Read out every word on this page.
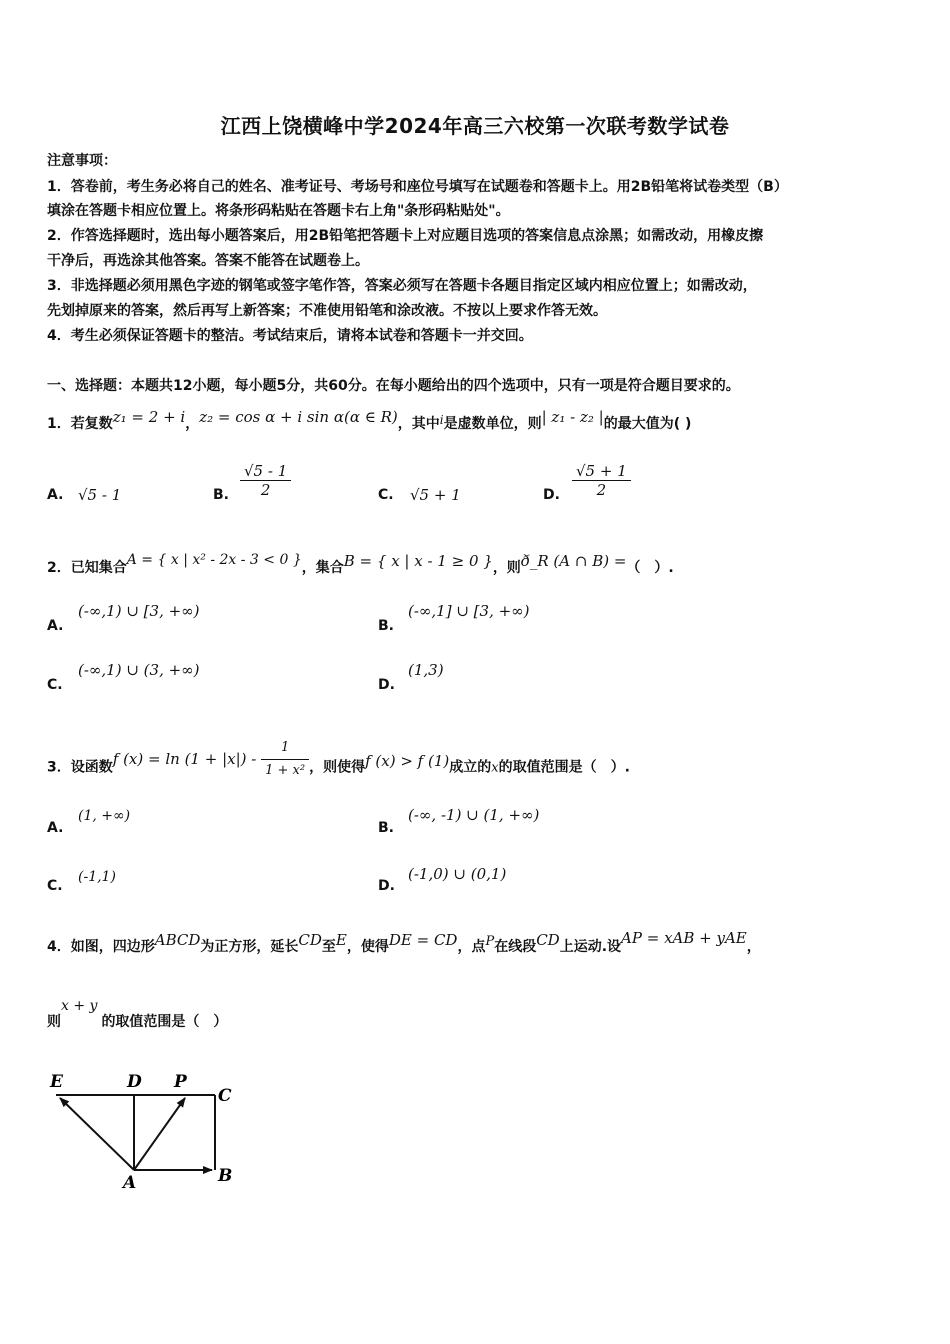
江西上饶横峰中学2024年高三六校第一次联考数学试卷
注意事项：
1．答卷前，考生务必将自己的姓名、准考证号、考场号和座位号填写在试题卷和答题卡上。用2B铅笔将试卷类型（B）
填涂在答题卡相应位置上。将条形码粘贴在答题卡右上角"条形码粘贴处"。
2．作答选择题时，选出每小题答案后，用2B铅笔把答题卡上对应题目选项的答案信息点涂黑；如需改动，用橡皮擦
干净后，再选涂其他答案。答案不能答在试题卷上。
3．非选择题必须用黑色字迹的钢笔或签字笔作答，答案必须写在答题卡各题目指定区域内相应位置上；如需改动，
先划掉原来的答案，然后再写上新答案；不准使用铅笔和涂改液。不按以上要求作答无效。
4．考生必须保证答题卡的整洁。考试结束后，请将本试卷和答题卡一并交回。
一、选择题：本题共12小题，每小题5分，共60分。在每小题给出的四个选项中，只有一项是符合题目要求的。
1．若复数z₁ = 2 + i，z₂ = cos α + i sin α(α ∈ R)，其中i是虚数单位，则| z₁ - z₂ |的最大值为( )
A. √5 - 1	B. $\frac{√5 - 1}{2}$	C. √5 + 1	D. $\frac{√5 + 1}{2}$
2．已知集合A = { x | x² - 2x - 3 < 0 }，集合B = { x | x - 1 ≥ 0 }，则ð_R (A ∩ B) =（　）.
A.
(-∞,1) ∪ [3, +∞)
B.
(-∞,1] ∪ [3, +∞)
C.
(-∞,1) ∪ (3, +∞)
D.
(1,3)
3．设函数f $(x) = \ln (1 + |x|) - \frac{1}{\text{1 + x²}}$ ，则使得f (x) > f (1)成立的x的取值范围是（　）.
A.
(1, +∞)
B.
(-∞, -1) ∪ (1, +∞)
C.
(-1,1)
D.
(-1,0) ∪ (0,1)
4．如图，四边形ABCD为正方形，延长CD至E，使得DE = CD，点P在线段CD上运动.设AP = xAB + yAE，
则x + y的取值范围是（　）
E	D P
C
A	B
